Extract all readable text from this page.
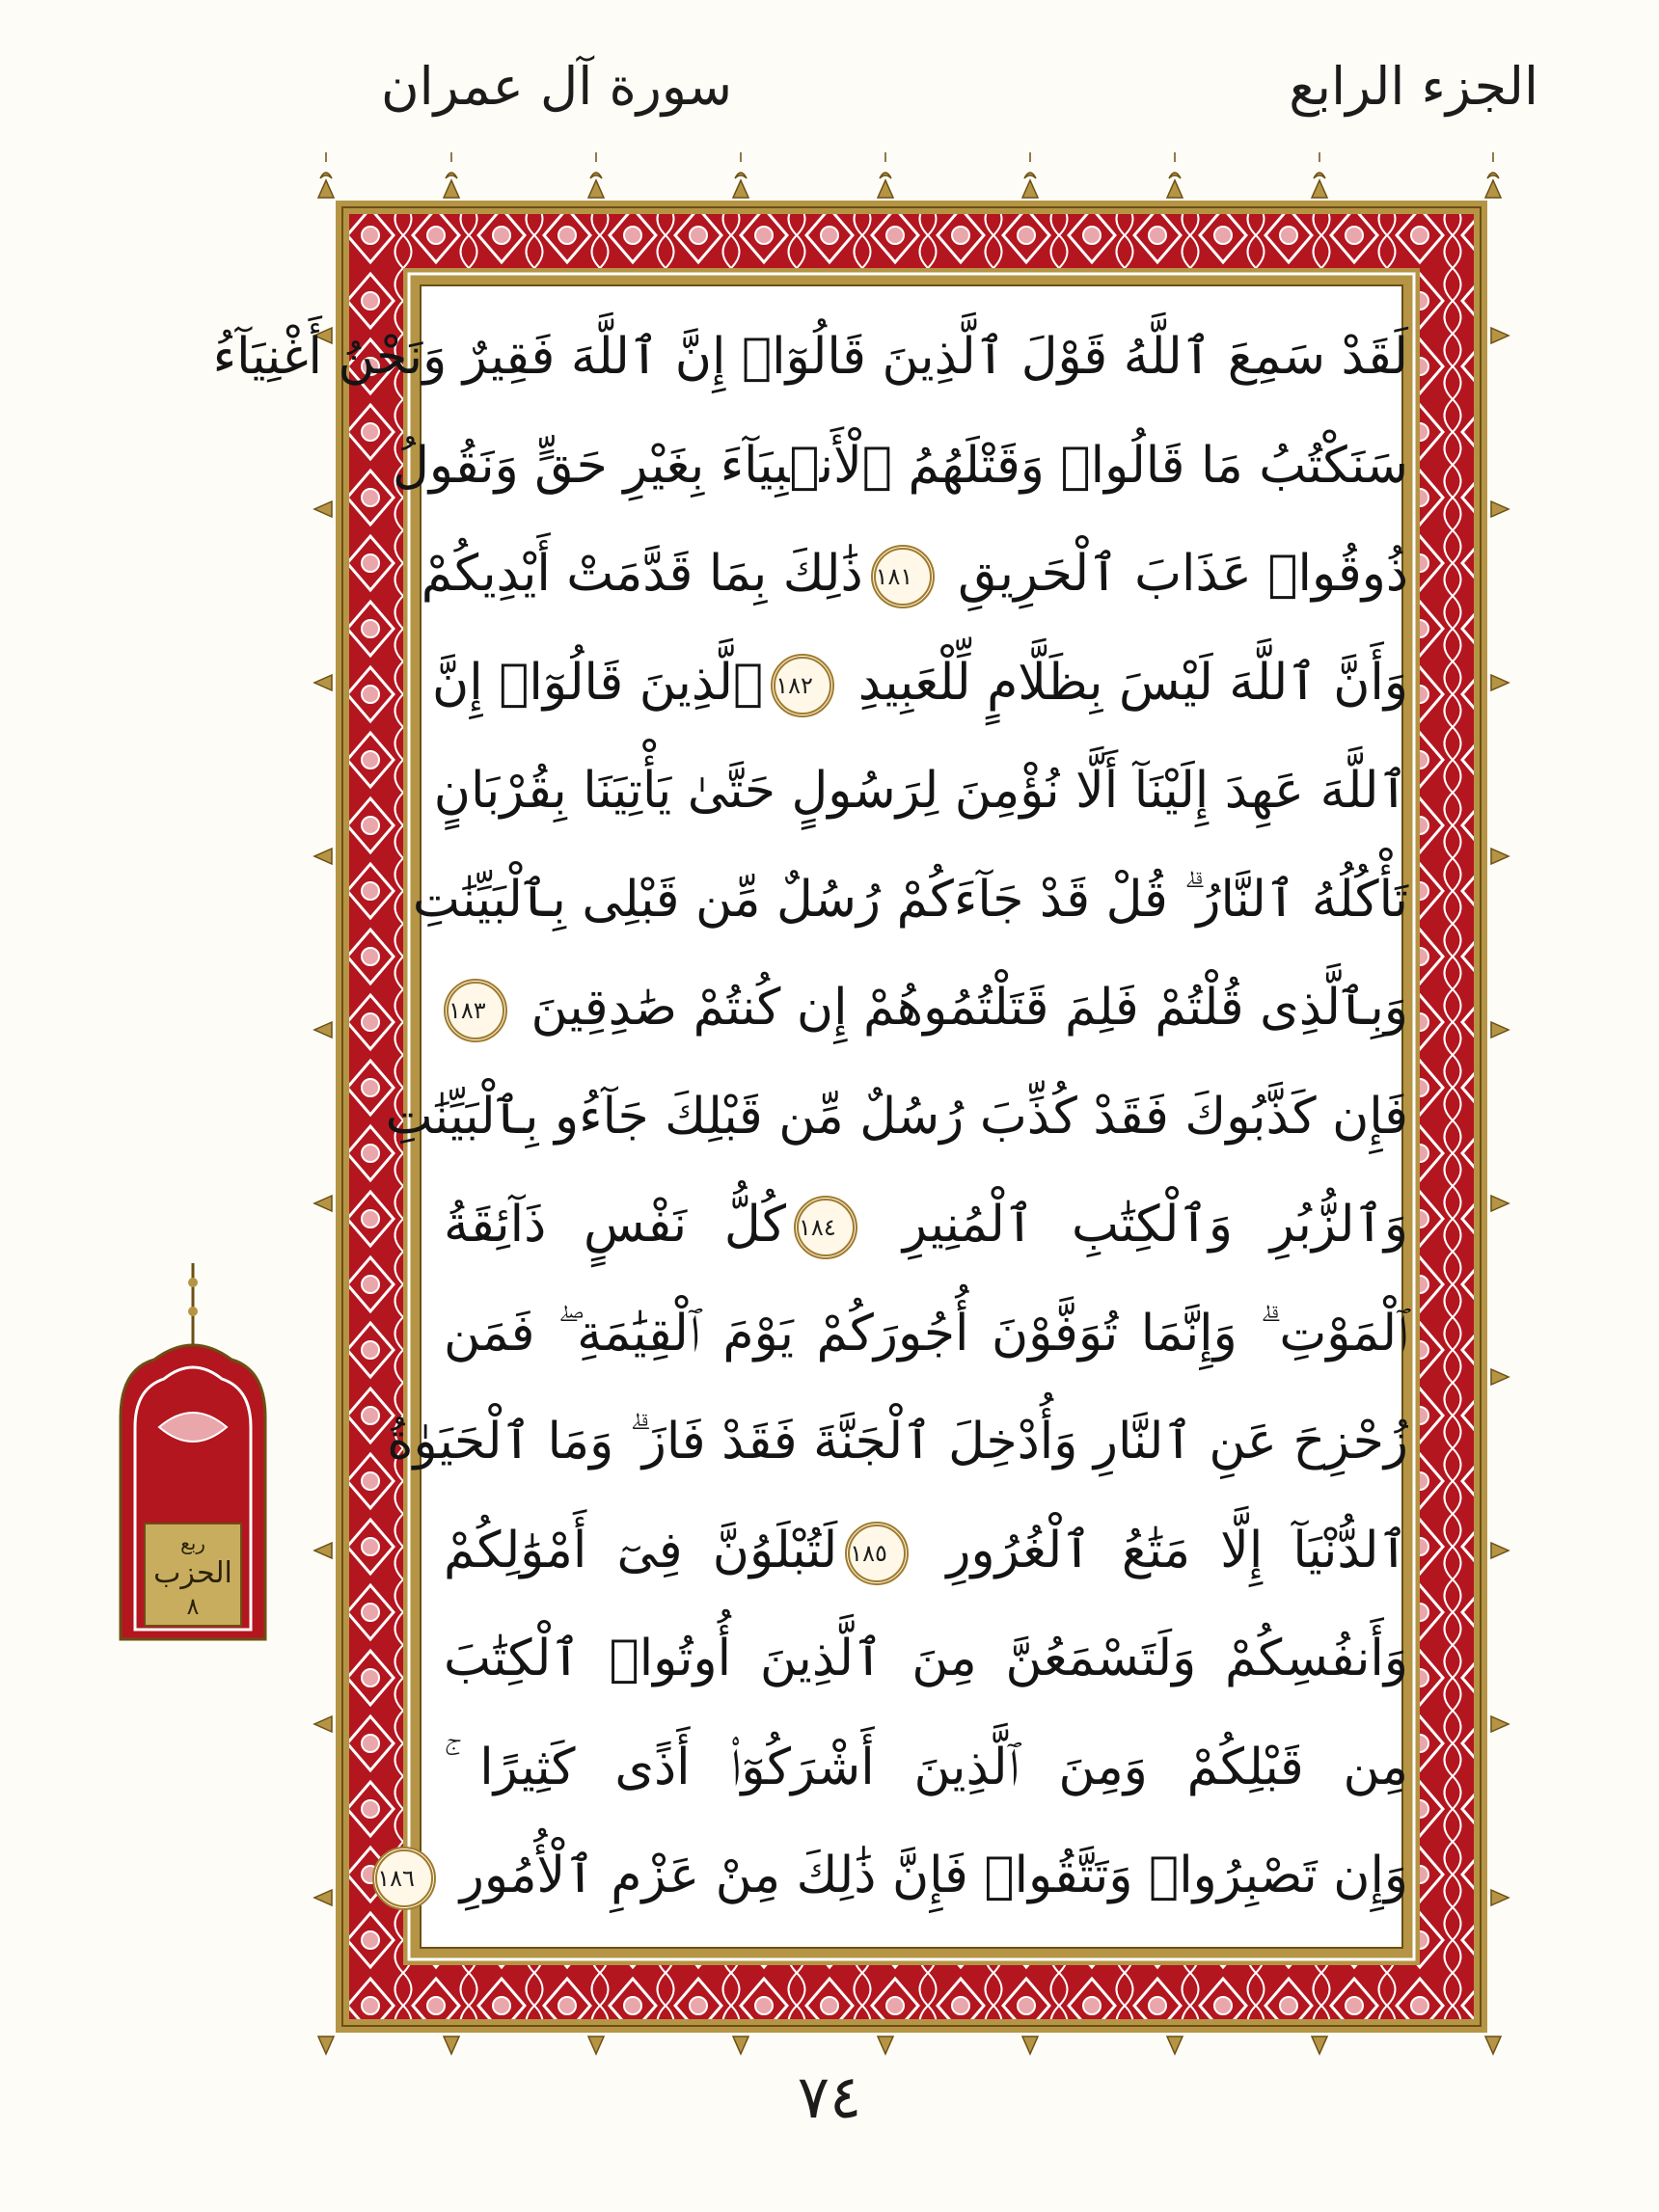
الجزء الرابع
سورة آل عمران
لَقَدْ سَمِعَ ٱللَّهُ قَوْلَ ٱلَّذِينَ قَالُوٓا۟ إِنَّ ٱللَّهَ فَقِيرٌ وَنَحْنُ أَغْنِيَآءُ
سَنَكْتُبُ مَا قَالُوا۟ وَقَتْلَهُمُ ٱلْأَنۢبِيَآءَ بِغَيْرِ حَقٍّ وَنَقُولُ
ذُوقُوا۟ عَذَابَ ٱلْحَرِيقِ ١٨١ذَٰلِكَ بِمَا قَدَّمَتْ أَيْدِيكُمْ
وَأَنَّ ٱللَّهَ لَيْسَ بِظَلَّامٍ لِّلْعَبِيدِ ١٨٢ٱلَّذِينَ قَالُوٓا۟ إِنَّ
ٱللَّهَ عَهِدَ إِلَيْنَآ أَلَّا نُؤْمِنَ لِرَسُولٍ حَتَّىٰ يَأْتِيَنَا بِقُرْبَانٍ
تَأْكُلُهُ ٱلنَّارُ ۗ قُلْ قَدْ جَآءَكُمْ رُسُلٌ مِّن قَبْلِى بِٱلْبَيِّنَٰتِ
وَبِٱلَّذِى قُلْتُمْ فَلِمَ قَتَلْتُمُوهُمْ إِن كُنتُمْ صَٰدِقِينَ ١٨٣
فَإِن كَذَّبُوكَ فَقَدْ كُذِّبَ رُسُلٌ مِّن قَبْلِكَ جَآءُو بِٱلْبَيِّنَٰتِ
وَٱلزُّبُرِ وَٱلْكِتَٰبِ ٱلْمُنِيرِ ١٨٤كُلُّ نَفْسٍ ذَآئِقَةُ
ٱلْمَوْتِ ۗ وَإِنَّمَا تُوَفَّوْنَ أُجُورَكُمْ يَوْمَ ٱلْقِيَٰمَةِ ۖ فَمَن
زُحْزِحَ عَنِ ٱلنَّارِ وَأُدْخِلَ ٱلْجَنَّةَ فَقَدْ فَازَ ۗ وَمَا ٱلْحَيَوٰةُ
ٱلدُّنْيَآ إِلَّا مَتَٰعُ ٱلْغُرُورِ ١٨٥لَتُبْلَوُنَّ فِىٓ أَمْوَٰلِكُمْ
وَأَنفُسِكُمْ وَلَتَسْمَعُنَّ مِنَ ٱلَّذِينَ أُوتُوا۟ ٱلْكِتَٰبَ
مِن قَبْلِكُمْ وَمِنَ ٱلَّذِينَ أَشْرَكُوٓا۟ أَذًى كَثِيرًا ۚ
وَإِن تَصْبِرُوا۟ وَتَتَّقُوا۟ فَإِنَّ ذَٰلِكَ مِنْ عَزْمِ ٱلْأُمُورِ ١٨٦
ربع
الحزب
٨
٧٤
